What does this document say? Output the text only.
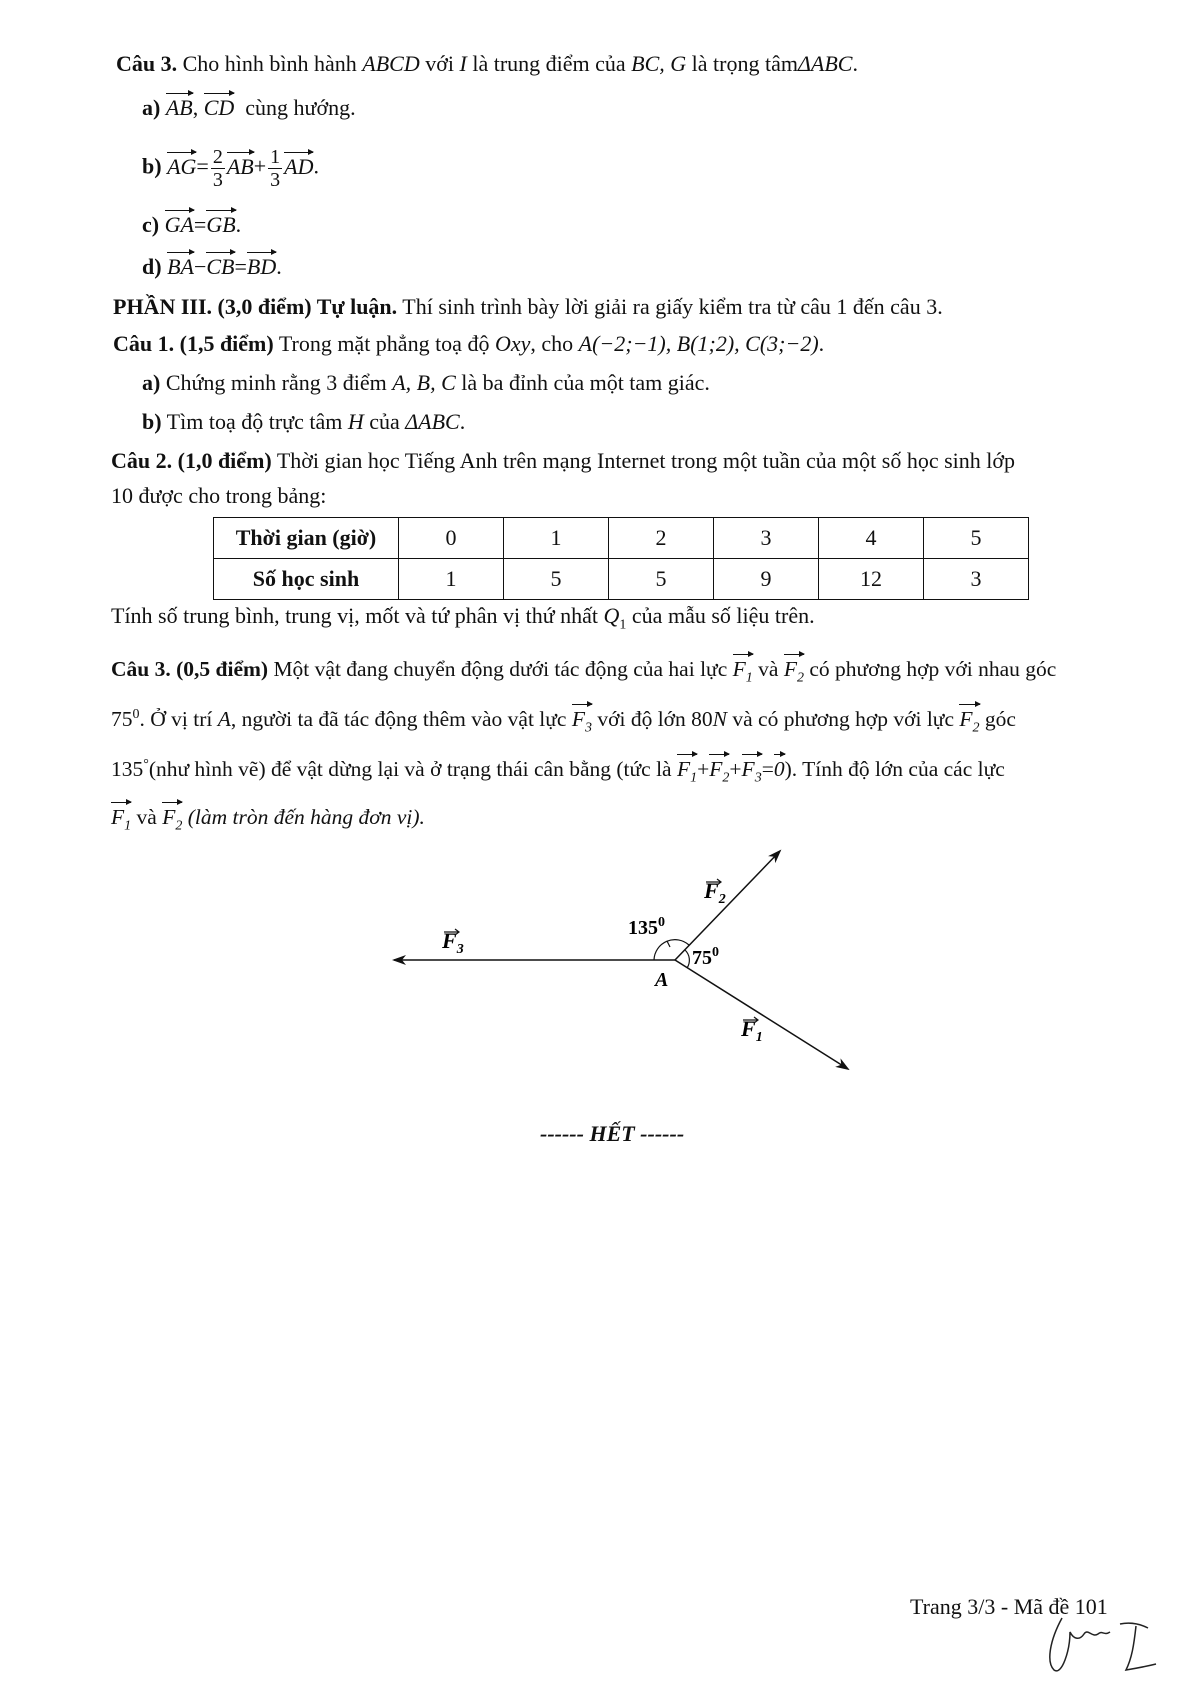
Câu 3. Cho hình bình hành ABCD với I là trung điểm của BC, G là trọng tâmΔABC.
a) AB, CD cùng hướng.
b) $AG= \frac{2}{3} AB+ \frac{1}{3}$ AD.
c) GA=GB.
d) BA−CB=BD.
PHẦN III. (3,0 điểm) Tự luận. Thí sinh trình bày lời giải ra giấy kiểm tra từ câu 1 đến câu 3.
Câu 1. (1,5 điểm) Trong mặt phẳng toạ độ Oxy, cho A(−2;−1), B(1;2), C(3;−2).
a) Chứng minh rằng 3 điểm A, B, C là ba đỉnh của một tam giác.
b) Tìm toạ độ trực tâm H của ΔABC.
Câu 2. (1,0 điểm) Thời gian học Tiếng Anh trên mạng Internet trong một tuần của một số học sinh lớp
10 được cho trong bảng:
Thời gian (giờ)	0	1	2	3	4	5
Số học sinh	1	5	5	9	12	3
Tính số trung bình, trung vị, mốt và tứ phân vị thứ nhất $Q_1$ của mẫu số liệu trên.
Câu 3. (0,5 điểm) Một vật đang chuyển động dưới tác động của hai lực $F_1$ và $F_2$ có phương hợp với nhau góc
$75^0$. Ở vị trí A, người ta đã tác động thêm vào vật lực $F_3$ với độ lớn 80N và có phương hợp với lực $F_2$ góc
135°(như hình vẽ) để vật dừng lại và ở trạng thái cân bằng (tức là $F_1+F_2+F_3=0$). Tính độ lớn của các lực
$F_1$ và $F_2$ (làm tròn đến hàng đơn vị).
$F_3$
$F_2$
$F_1$
$135^0$
$75^0$
A
------ HẾT ------
Trang 3/3 - Mã đề 101
